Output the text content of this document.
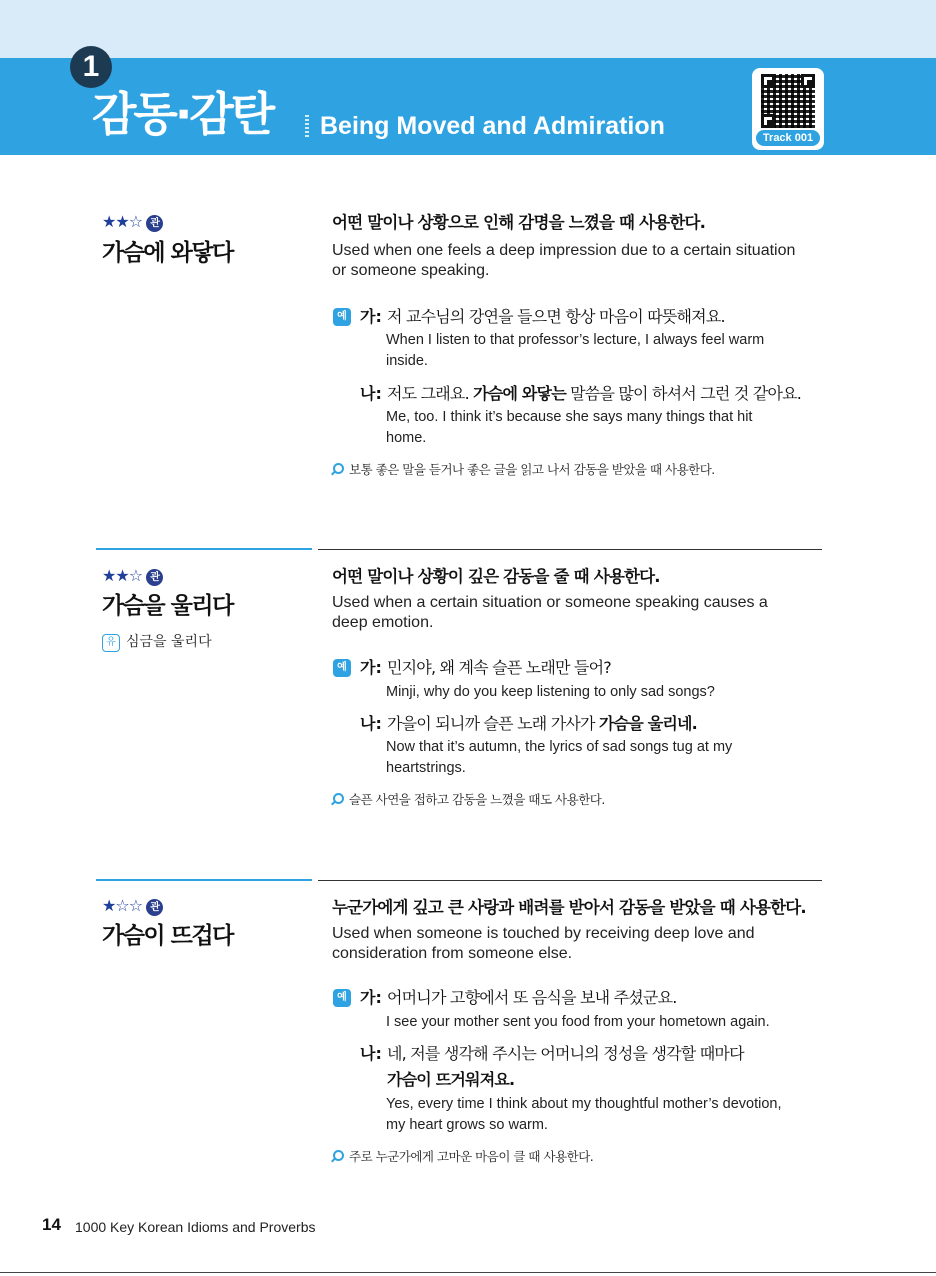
1
감동·감탄 Being Moved and Admiration	Track 001
★★☆ 관
가슴에 와닿다
어떤 말이나 상황으로 인해 감명을 느꼈을 때 사용한다.
Used when one feels a deep impression due to a certain situation
or someone speaking.
예 가: 저 교수님의 강연을 들으면 항상 마음이 따뜻해져요.
When I listen to that professor’s lecture, I always feel warm
inside.
나: 저도 그래요. 가슴에 와닿는 말씀을 많이 하셔서 그런 것 같아요.
Me, too. I think it’s because she says many things that hit
home.
보통 좋은 말을 듣거나 좋은 글을 읽고 나서 감동을 받았을 때 사용한다.
★★☆ 관
가슴을 울리다
유 심금을 울리다
어떤 말이나 상황이 깊은 감동을 줄 때 사용한다.
Used when a certain situation or someone speaking causes a
deep emotion.
예 가: 민지야, 왜 계속 슬픈 노래만 들어?
Minji, why do you keep listening to only sad songs?
나: 가을이 되니까 슬픈 노래 가사가 가슴을 울리네.
Now that it’s autumn, the lyrics of sad songs tug at my
heartstrings.
슬픈 사연을 접하고 감동을 느꼈을 때도 사용한다.
★☆☆ 관
가슴이 뜨겁다
누군가에게 깊고 큰 사랑과 배려를 받아서 감동을 받았을 때 사용한다.
Used when someone is touched by receiving deep love and
consideration from someone else.
예 가: 어머니가 고향에서 또 음식을 보내 주셨군요.
I see your mother sent you food from your hometown again.
나: 네, 저를 생각해 주시는 어머니의 정성을 생각할 때마다
가슴이 뜨거워져요.
Yes, every time I think about my thoughtful mother’s devotion,
my heart grows so warm.
주로 누군가에게 고마운 마음이 클 때 사용한다.
14 1000 Key Korean Idioms and Proverbs
